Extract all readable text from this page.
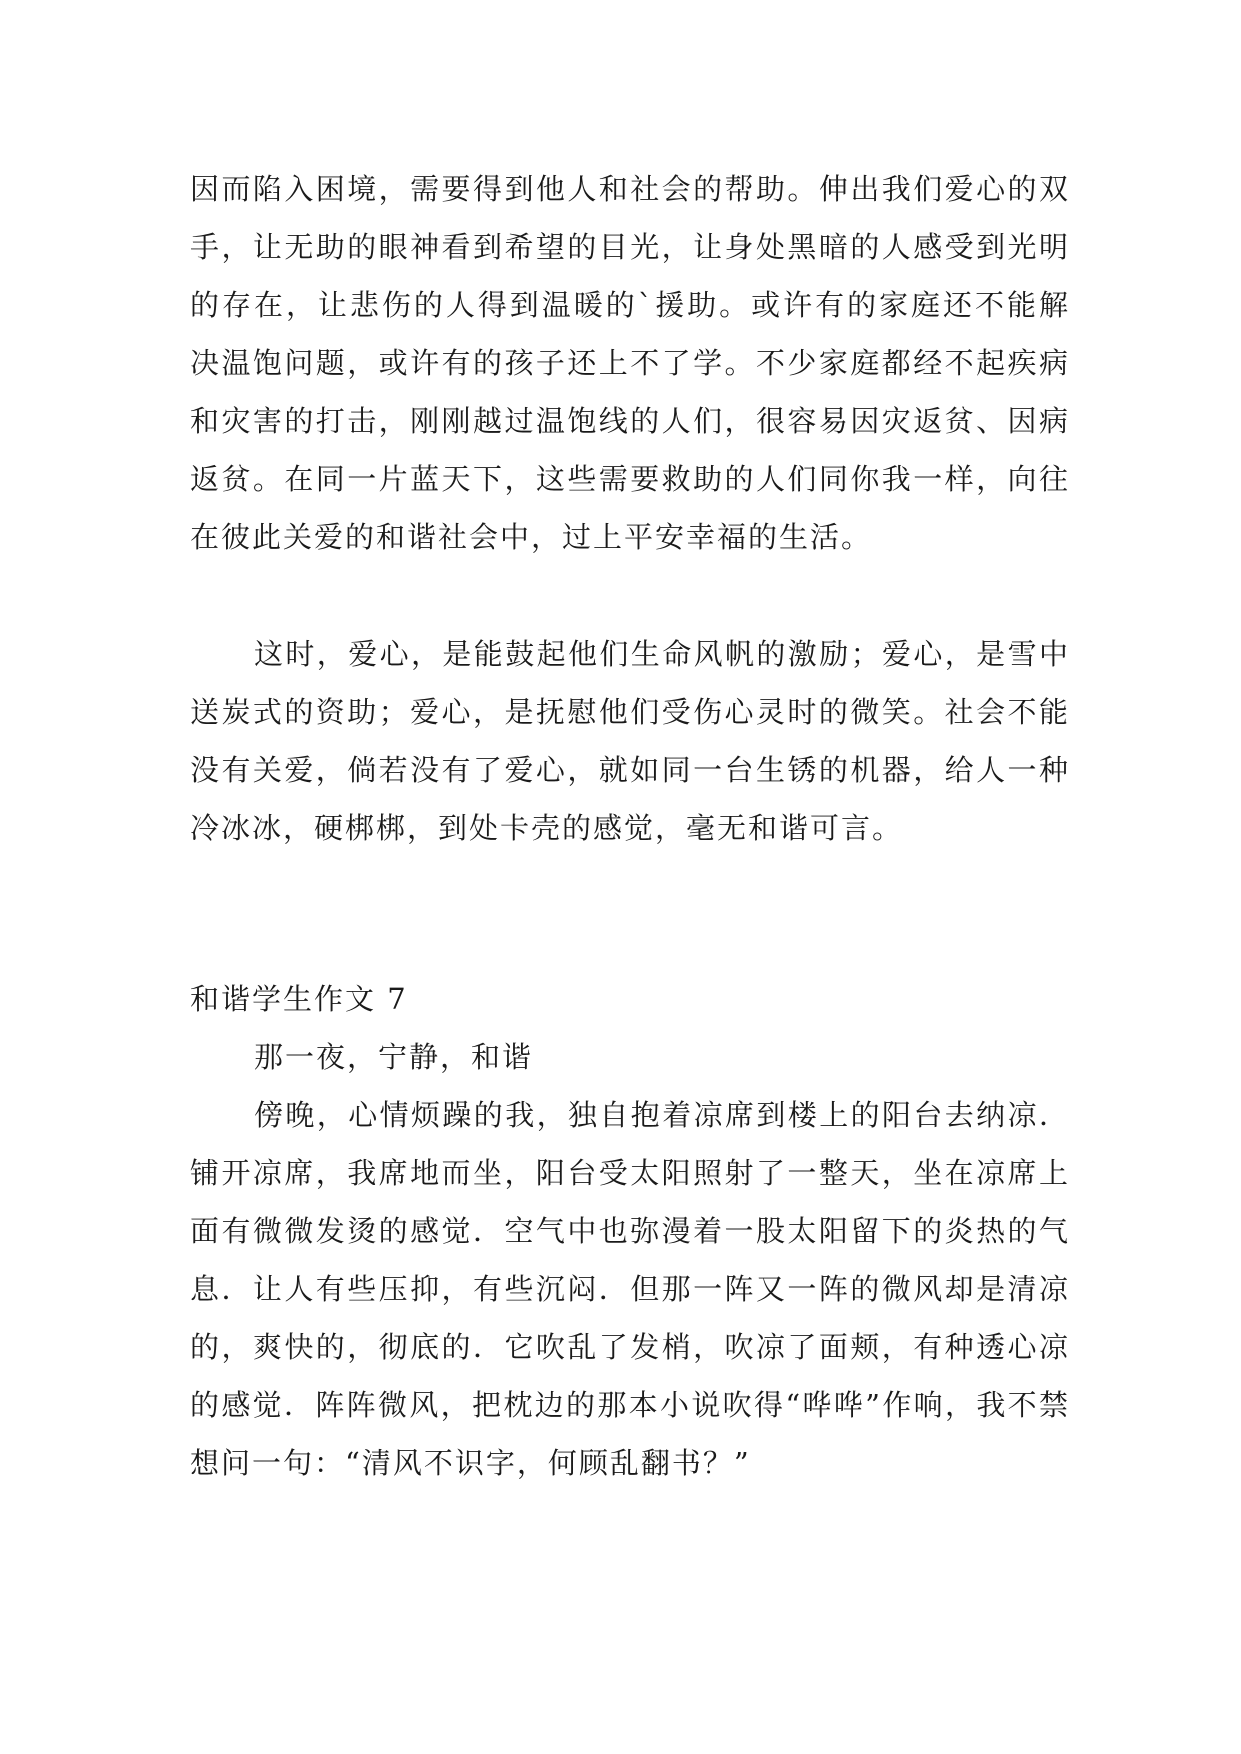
因而陷入困境，需要得到他人和社会的帮助。伸出我们爱心的双手，让无助的眼神看到希望的目光，让身处黑暗的人感受到光明的存在，让悲伤的人得到温暖的`援助。或许有的家庭还不能解决温饱问题，或许有的孩子还上不了学。不少家庭都经不起疾病和灾害的打击，刚刚越过温饱线的人们，很容易因灾返贫、因病返贫。在同一片蓝天下，这些需要救助的人们同你我一样，向往在彼此关爱的和谐社会中，过上平安幸福的生活。

这时，爱心，是能鼓起他们生命风帆的激励；爱心，是雪中送炭式的资助；爱心，是抚慰他们受伤心灵时的微笑。社会不能没有关爱，倘若没有了爱心，就如同一台生锈的机器，给人一种冷冰冰，硬梆梆，到处卡壳的感觉，毫无和谐可言。

和谐学生作文 7
那一夜，宁静，和谐

傍晚，心情烦躁的我，独自抱着凉席到楼上的阳台去纳凉．铺开凉席，我席地而坐，阳台受太阳照射了一整天，坐在凉席上面有微微发烫的感觉．空气中也弥漫着一股太阳留下的炎热的气息．让人有些压抑，有些沉闷．但那一阵又一阵的微风却是清凉的，爽快的，彻底的．它吹乱了发梢，吹凉了面颊，有种透心凉的感觉．阵阵微风，把枕边的那本小说吹得“哗哗”作响，我不禁想问一句：“清风不识字，何顾乱翻书？”
